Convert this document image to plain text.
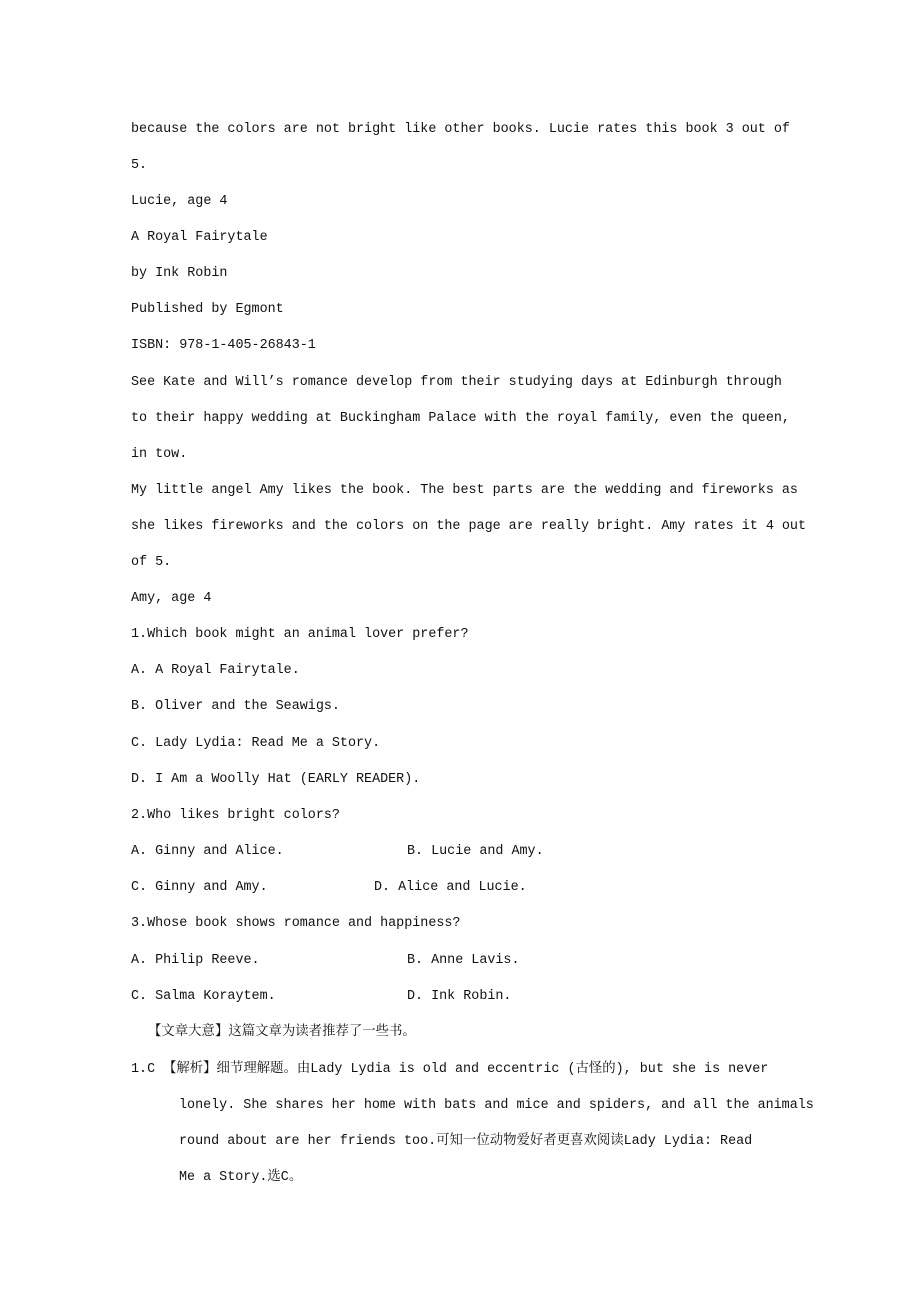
because the colors are not bright like other books. Lucie rates this book 3 out of
5.
Lucie, age 4
A Royal Fairytale
by Ink Robin
Published by Egmont
ISBN: 978-1-405-26843-1
See Kate and Will’s romance develop from their studying days at Edinburgh through
to their happy wedding at Buckingham Palace with the royal family, even the queen,
in tow.
My little angel Amy likes the book. The best parts are the wedding and fireworks as
she likes fireworks and the colors on the page are really bright. Amy rates it 4 out
of 5.
Amy, age 4
1.Which book might an animal lover prefer?
A. A Royal Fairytale.
B. Oliver and the Seawigs.
C. Lady Lydia: Read Me a Story.
D. I Am a Woolly Hat (EARLY READER).
2.Who likes bright colors?
A. Ginny and Alice.	B. Lucie and Amy.
C. Ginny and Amy.	D. Alice and Lucie.
3.Whose book shows romance and happiness?
A. Philip Reeve.	B. Anne Lavis.
C. Salma Koraytem.	D. Ink Robin.
【文章大意】这篇文章为读者推荐了一些书。
1.C 【解析】细节理解题。由Lady Lydia is old and eccentric (古怪的), but she is never
lonely. She shares her home with bats and mice and spiders, and all the animals
round about are her friends too.可知一位动物爱好者更喜欢阅读Lady Lydia: Read
Me a Story.选C。
